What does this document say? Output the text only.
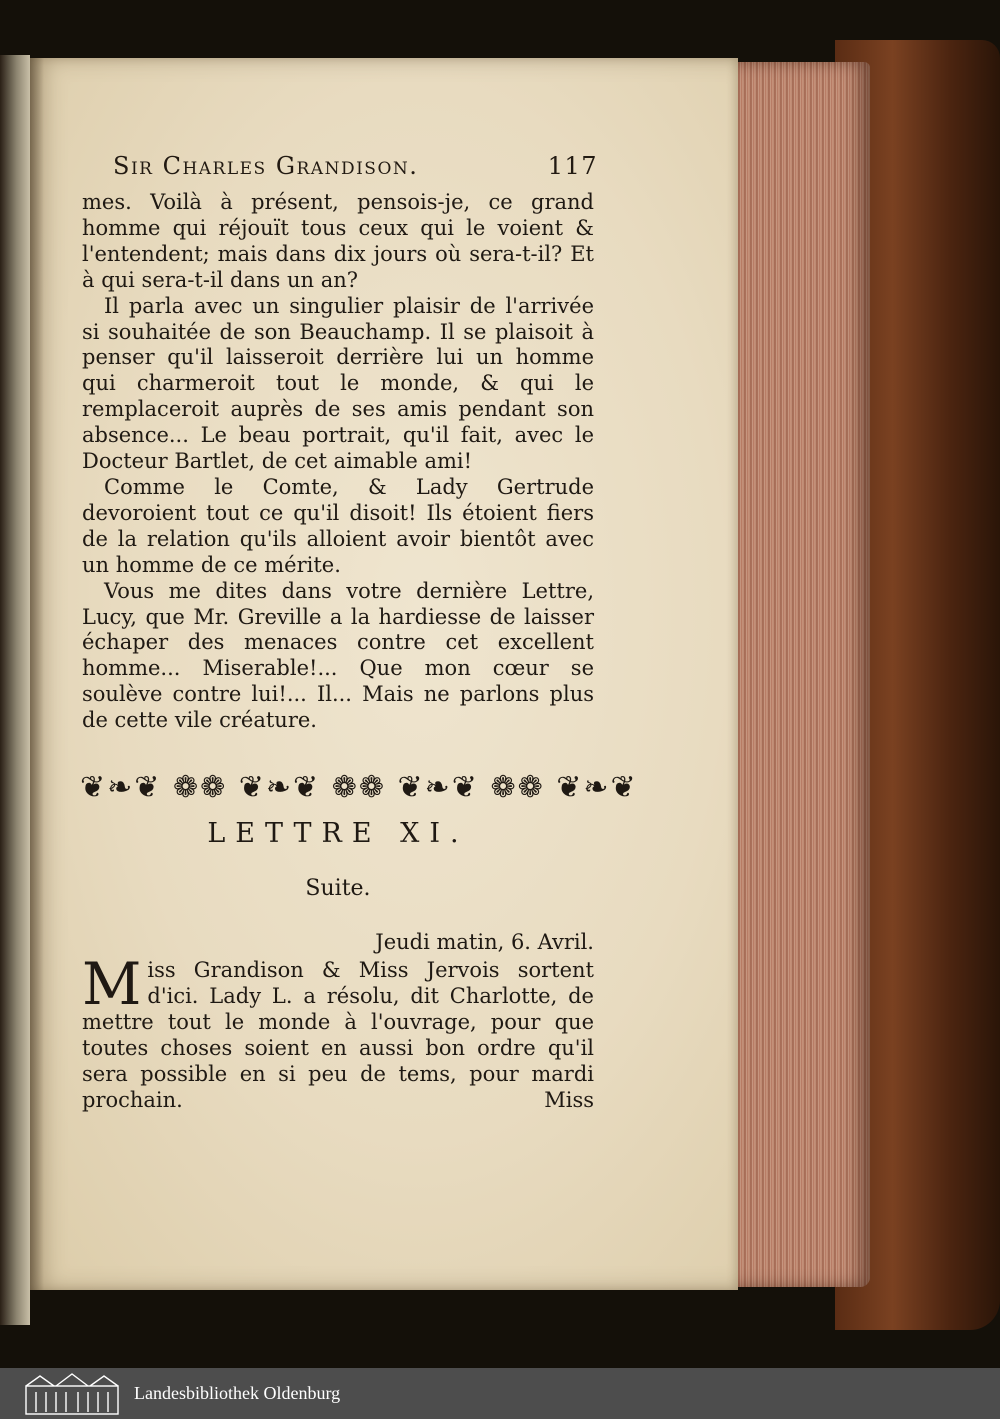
Sir Charles Grandison.	117

mes. Voilà à présent, pensois-je, ce grand homme qui réjouït tous ceux qui le voient & l'entendent; mais dans dix jours où sera-t-il? Et à qui sera-t-il dans un an?

Il parla avec un singulier plaisir de l'arrivée si souhaitée de son Beauchamp. Il se plaisoit à penser qu'il laisseroit derrière lui un homme qui charmeroit tout le monde, & qui le remplaceroit auprès de ses amis pendant son absence... Le beau portrait, qu'il fait, avec le Docteur Bartlet, de cet aimable ami!

Comme le Comte, & Lady Gertrude devoroient tout ce qu'il disoit! Ils étoient fiers de la relation qu'ils alloient avoir bientôt avec un homme de ce mérite.

Vous me dites dans votre dernière Lettre, Lucy, que Mr. Greville a la hardiesse de laisser échaper des menaces contre cet excellent homme... Miserable!... Que mon cœur se soulève contre lui!... Il... Mais ne parlons plus de cette vile créature.

❦❧❦ ❁❁ ❦❧❦ ❁❁ ❦❧❦ ❁❁ ❦❧❦
LETTRE XI.
Suite.
Jeudi matin, 6. Avril.
M iss Grandison & Miss Jervois sortent d'ici. Lady L. a résolu, dit Charlotte, de mettre tout le monde à l'ouvrage, pour que toutes choses soient en aussi bon ordre qu'il sera possible en si peu de tems, pour mardi prochain.	Miss
Landesbibliothek Oldenburg
